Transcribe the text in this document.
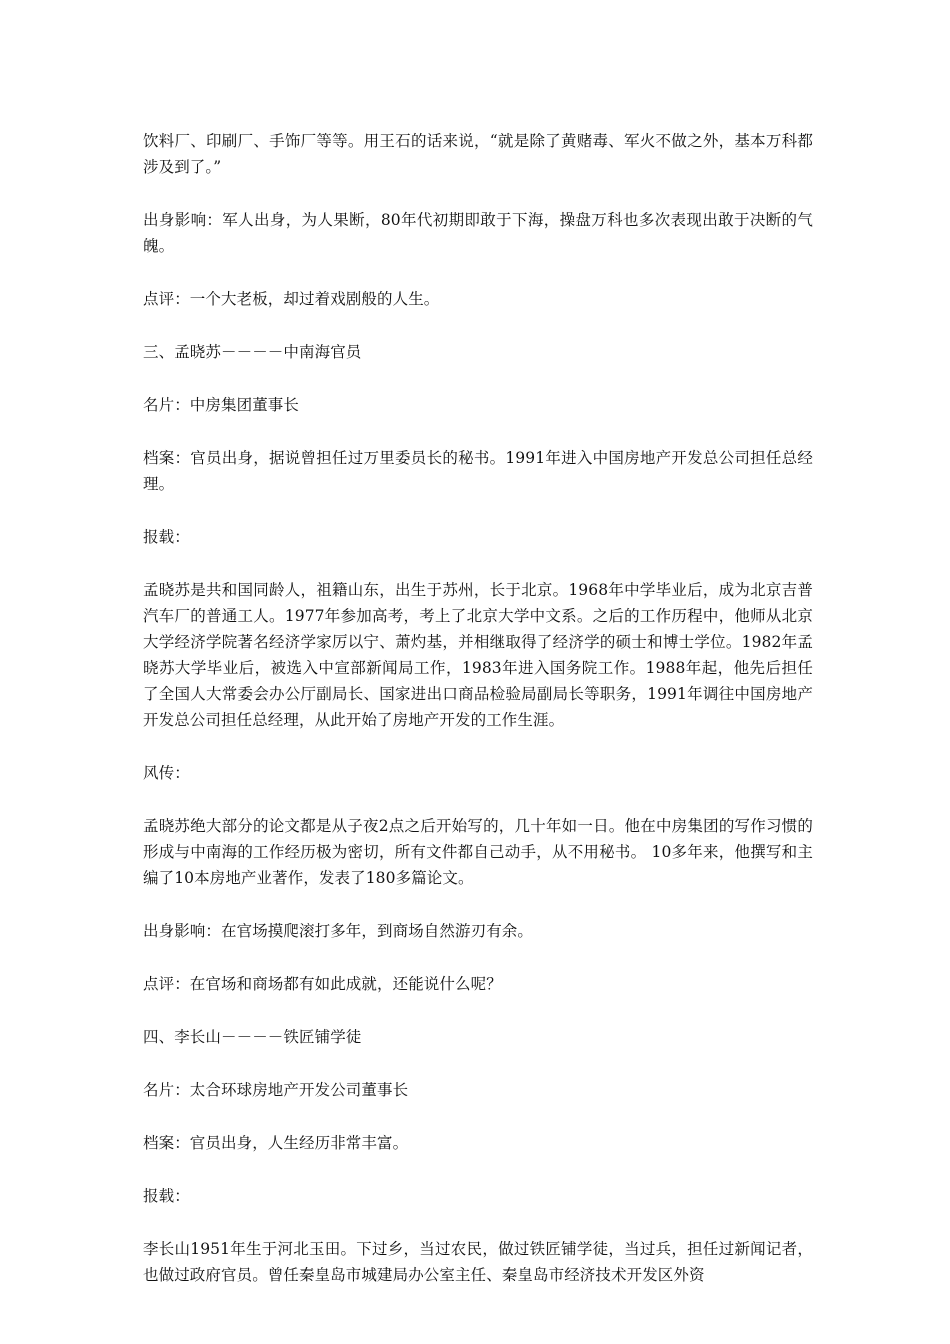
饮料厂、印刷厂、手饰厂等等。用王石的话来说，“就是除了黄赌毒、军火不做之外，基本万科都涉及到了。”

出身影响：军人出身，为人果断，80年代初期即敢于下海，操盘万科也多次表现出敢于决断的气魄。

点评：一个大老板，却过着戏剧般的人生。

三、孟晓苏－－－－中南海官员

名片：中房集团董事长

档案：官员出身，据说曾担任过万里委员长的秘书。1991年进入中国房地产开发总公司担任总经理。

报载：

孟晓苏是共和国同龄人，祖籍山东，出生于苏州，长于北京。1968年中学毕业后，成为北京吉普汽车厂的普通工人。1977年参加高考，考上了北京大学中文系。之后的工作历程中，他师从北京大学经济学院著名经济学家厉以宁、萧灼基，并相继取得了经济学的硕士和博士学位。1982年孟晓苏大学毕业后，被选入中宣部新闻局工作，1983年进入国务院工作。1988年起，他先后担任了全国人大常委会办公厅副局长、国家进出口商品检验局副局长等职务，1991年调往中国房地产开发总公司担任总经理，从此开始了房地产开发的工作生涯。

风传：

孟晓苏绝大部分的论文都是从子夜2点之后开始写的，几十年如一日。他在中房集团的写作习惯的形成与中南海的工作经历极为密切，所有文件都自己动手，从不用秘书。 10多年来，他撰写和主编了10本房地产业著作，发表了180多篇论文。

出身影响：在官场摸爬滚打多年，到商场自然游刃有余。

点评：在官场和商场都有如此成就，还能说什么呢？

四、李长山－－－－铁匠铺学徒

名片：太合环球房地产开发公司董事长

档案：官员出身，人生经历非常丰富。

报载：

李长山1951年生于河北玉田。下过乡，当过农民，做过铁匠铺学徒，当过兵，担任过新闻记者，也做过政府官员。曾任秦皇岛市城建局办公室主任、秦皇岛市经济技术开发区外资
